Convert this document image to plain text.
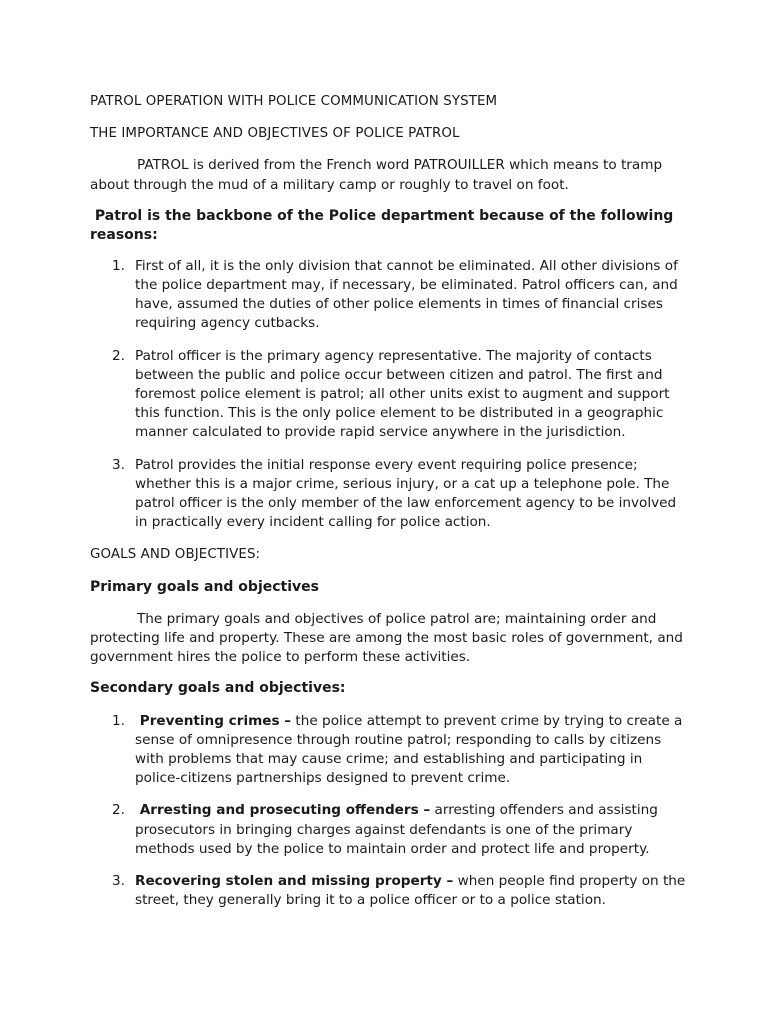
PATROL OPERATION WITH POLICE COMMUNICATION SYSTEM

THE IMPORTANCE AND OBJECTIVES OF POLICE PATROL

PATROL is derived from the French word PATROUILLER which means to tramp about through the mud of a military camp or roughly to travel on foot.

Patrol is the backbone of the Police department because of the following reasons:

1. First of all, it is the only division that cannot be eliminated. All other divisions of the police department may, if necessary, be eliminated. Patrol officers can, and have, assumed the duties of other police elements in times of financial crises requiring agency cutbacks.
2. Patrol officer is the primary agency representative. The majority of contacts between the public and police occur between citizen and patrol. The first and foremost police element is patrol; all other units exist to augment and support this function. This is the only police element to be distributed in a geographic manner calculated to provide rapid service anywhere in the jurisdiction.
3. Patrol provides the initial response every event requiring police presence; whether this is a major crime, serious injury, or a cat up a telephone pole. The patrol officer is the only member of the law enforcement agency to be involved in practically every incident calling for police action.

GOALS AND OBJECTIVES:

Primary goals and objectives

The primary goals and objectives of police patrol are; maintaining order and protecting life and property. These are among the most basic roles of government, and government hires the police to perform these activities.

Secondary goals and objectives:

1. Preventing crimes – the police attempt to prevent crime by trying to create a sense of omnipresence through routine patrol; responding to calls by citizens with problems that may cause crime; and establishing and participating in police-citizens partnerships designed to prevent crime.
2. Arresting and prosecuting offenders – arresting offenders and assisting prosecutors in bringing charges against defendants is one of the primary methods used by the police to maintain order and protect life and property.
3. Recovering stolen and missing property – when people find property on the street, they generally bring it to a police officer or to a police station.
